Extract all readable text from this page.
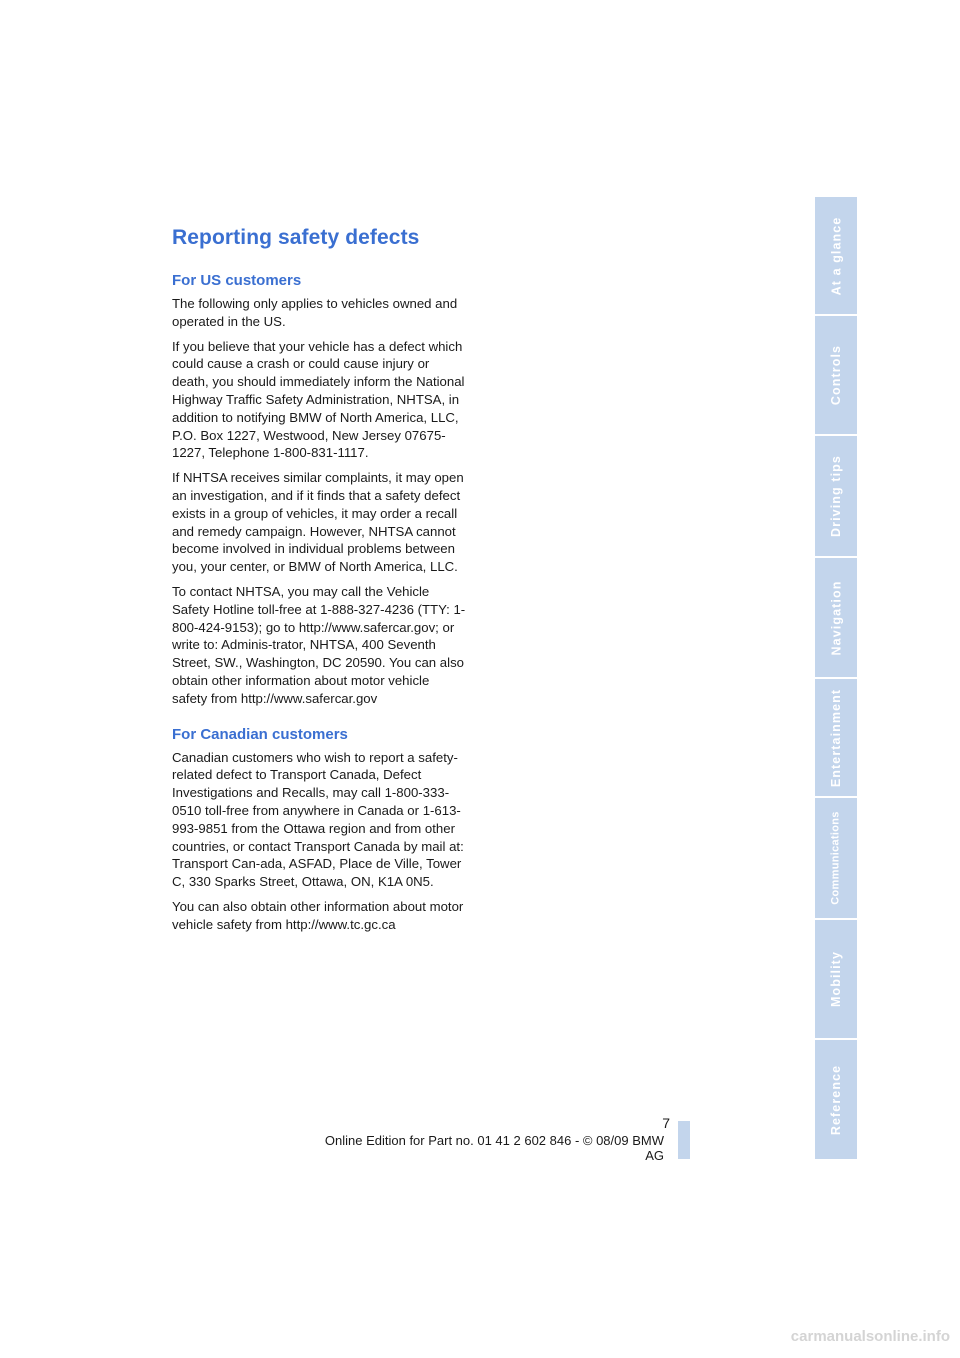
Reporting safety defects
For US customers

The following only applies to vehicles owned and operated in the US.

If you believe that your vehicle has a defect which could cause a crash or could cause injury or death, you should immediately inform the National Highway Traffic Safety Administration, NHTSA, in addition to notifying BMW of North America, LLC, P.O. Box 1227, Westwood, New Jersey 07675-1227, Telephone 1-800-831-1117.

If NHTSA receives similar complaints, it may open an investigation, and if it finds that a safety defect exists in a group of vehicles, it may order a recall and remedy campaign. However, NHTSA cannot become involved in individual problems between you, your center, or BMW of North America, LLC.

To contact NHTSA, you may call the Vehicle Safety Hotline toll-free at 1-888-327-4236 (TTY: 1-800-424-9153); go to http://www.safercar.gov; or write to: Adminis-trator, NHTSA, 400 Seventh Street, SW., Washington, DC 20590. You can also obtain other information about motor vehicle safety from http://www.safercar.gov

For Canadian customers

Canadian customers who wish to report a safety-related defect to Transport Canada, Defect Investigations and Recalls, may call 1-800-333-0510 toll-free from anywhere in Canada or 1-613-993-9851 from the Ottawa region and from other countries, or contact Transport Canada by mail at: Transport Can-ada, ASFAD, Place de Ville, Tower C, 330 Sparks Street, Ottawa, ON, K1A 0N5.

You can also obtain other information about motor vehicle safety from http://www.tc.gc.ca

At a glance
Controls
Driving tips
Navigation
Entertainment
Communications
Mobility
Reference
7
Online Edition for Part no. 01 41 2 602 846 - © 08/09 BMW AG
carmanualsonline.info
